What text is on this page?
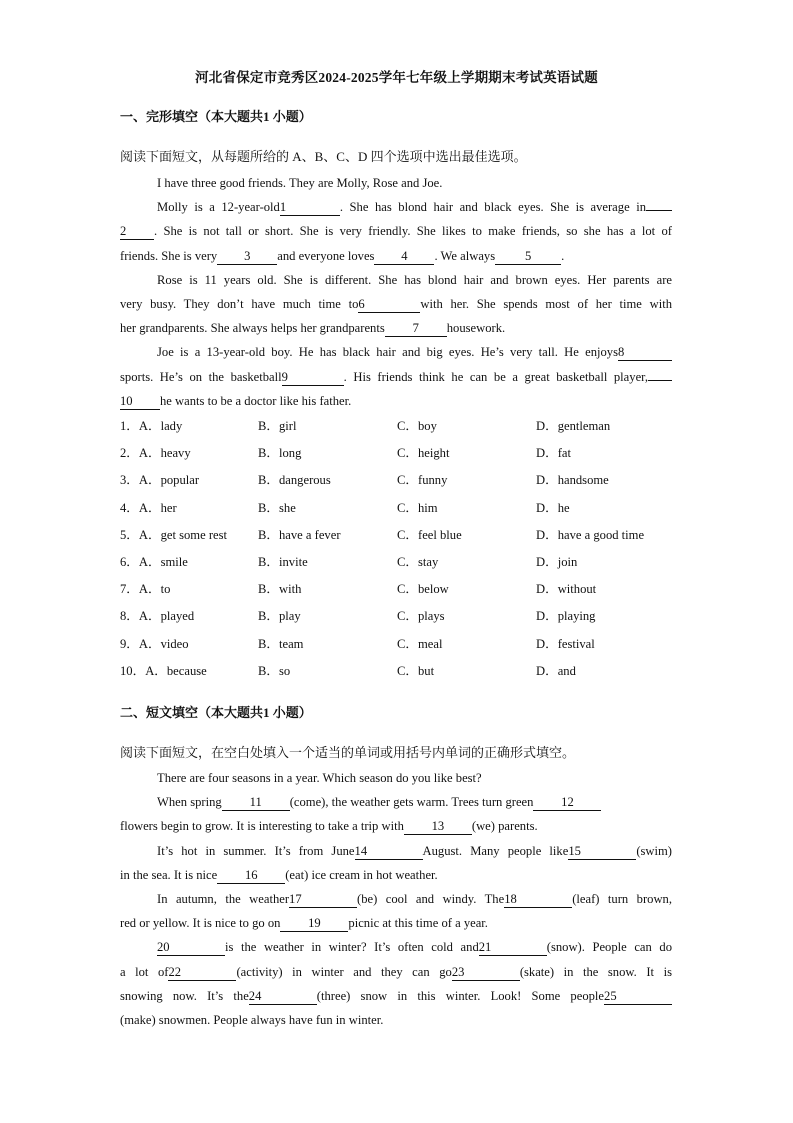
河北省保定市竞秀区2024-2025学年七年级上学期期末考试英语试题
一、完形填空（本大题共1 小题）
阅读下面短文，从每题所给的 A、B、C、D 四个选项中选出最佳选项。
I have three good friends. They are Molly, Rose and Joe.
Molly is a 12-year-old1	. She has blond hair and black eyes. She is average in
2 . She is not tall or short. She is very friendly. She likes to make friends, so she has a lot of
friends. She is very 3 and everyone loves 4 . We always 5 .
Rose is 11 years old. She is different. She has blond hair and brown eyes. Her parents are
very busy. They don’t have much time to6	with her. She spends most of her time with
her grandparents. She always helps her grandparents 7 housework.
Joe is a 13-year-old boy. He has black hair and big eyes. He’s very tall. He enjoys8
sports. He’s on the basketball9	. His friends think he can be a great basketball player,
10 he wants to be a doctor like his father.
1．A．lady	B．girl	C．boy	D．gentleman
2．A．heavy	B．long	C．height	D．fat
3．A．popular	B．dangerous	C．funny	D．handsome
4．A．her	B．she	C．him	D．he
5．A．get some rest	B．have a fever	C．feel blue	D．have a good time
6．A．smile	B．invite	C．stay	D．join
7．A．to	B．with	C．below	D．without
8．A．played	B．play	C．plays	D．playing
9．A．video	B．team	C．meal	D．festival
10．A．because	B．so	C．but	D．and
二、短文填空（本大题共1 小题）
阅读下面短文，在空白处填入一个适当的单词或用括号内单词的正确形式填空。
There are four seasons in a year. Which season do you like best?
When spring 11 (come), the weather gets warm. Trees turn green 12
flowers begin to grow. It is interesting to take a trip with 13 (we) parents.
It’s hot in summer. It’s from June14	August. Many people like15	(swim)
in the sea. It is nice 16 (eat) ice cream in hot weather.
In autumn, the weather17	(be) cool and windy. The18	(leaf) turn brown,
red or yellow. It is nice to go on 19 picnic at this time of a year.
20	is the weather in winter? It’s often cold and21	(snow). People can do
a lot of22	(activity) in winter and they can go23	(skate) in the snow. It is
snowing now. It’s the24	(three) snow in this winter. Look! Some people25
(make) snowmen. People always have fun in winter.
